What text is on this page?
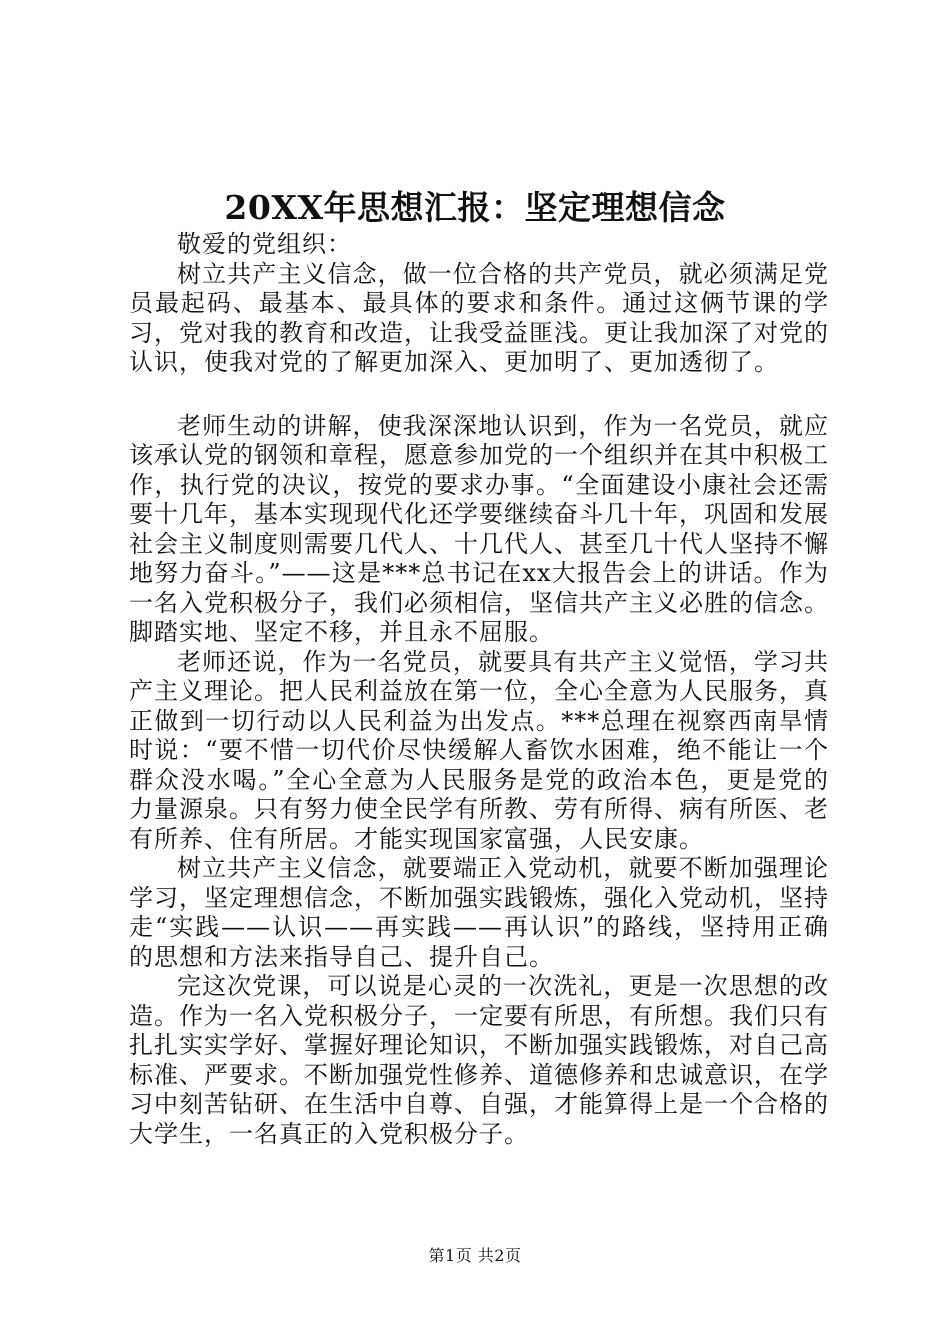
20XX年思想汇报：坚定理想信念

敬爱的党组织：

树立共产主义信念，做一位合格的共产党员，就必须满足党员最起码、最基本、最具体的要求和条件。通过这俩节课的学习，党对我的教育和改造，让我受益匪浅。更让我加深了对党的认识，使我对党的了解更加深入、更加明了、更加透彻了。

老师生动的讲解，使我深深地认识到，作为一名党员，就应该承认党的钢领和章程，愿意参加党的一个组织并在其中积极工作，执行党的决议，按党的要求办事。“全面建设小康社会还需要十几年，基本实现现代化还学要继续奋斗几十年，巩固和发展社会主义制度则需要几代人、十几代人、甚至几十代人坚持不懈地努力奋斗。”——这是***总书记在xx大报告会上的讲话。作为一名入党积极分子，我们必须相信，坚信共产主义必胜的信念。脚踏实地、坚定不移，并且永不屈服。

老师还说，作为一名党员，就要具有共产主义觉悟，学习共产主义理论。把人民利益放在第一位，全心全意为人民服务，真正做到一切行动以人民利益为出发点。***总理在视察西南旱情时说：“要不惜一切代价尽快缓解人畜饮水困难，绝不能让一个群众没水喝。”全心全意为人民服务是党的政治本色，更是党的力量源泉。只有努力使全民学有所教、劳有所得、病有所医、老有所养、住有所居。才能实现国家富强，人民安康。

树立共产主义信念，就要端正入党动机，就要不断加强理论学习，坚定理想信念，不断加强实践锻炼，强化入党动机，坚持走“实践——认识——再实践——再认识”的路线，坚持用正确的思想和方法来指导自己、提升自己。

完这次党课，可以说是心灵的一次洗礼，更是一次思想的改造。作为一名入党积极分子，一定要有所思，有所想。我们只有扎扎实实学好、掌握好理论知识，不断加强实践锻炼，对自己高标准、严要求。不断加强党性修养、道德修养和忠诚意识，在学习中刻苦钻研、在生活中自尊、自强，才能算得上是一个合格的大学生，一名真正的入党积极分子。

第1页 共2页
